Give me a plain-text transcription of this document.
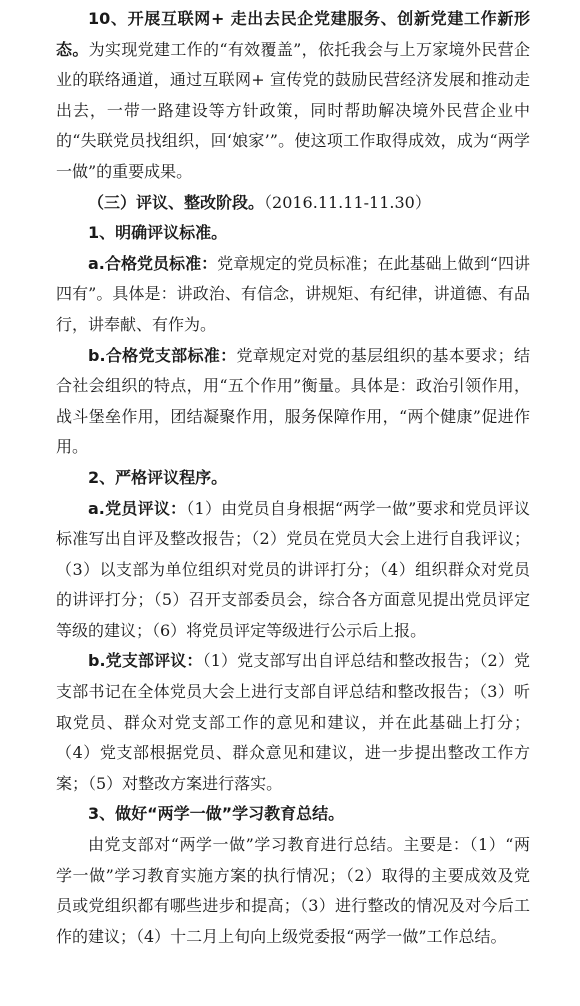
10、开展互联网+ 走出去民企党建服务、创新党建工作新形态。为实现党建工作的“有效覆盖”，依托我会与上万家境外民营企业的联络通道，通过互联网+ 宣传党的鼓励民营经济发展和推动走出去，一带一路建设等方针政策，同时帮助解决境外民营企业中的“失联党员找组织，回‘娘家’”。使这项工作取得成效，成为“两学一做”的重要成果。

（三）评议、整改阶段。（2016.11.11-11.30）

1、明确评议标准。

a.合格党员标准：党章规定的党员标准；在此基础上做到“四讲四有”。具体是：讲政治、有信念，讲规矩、有纪律，讲道德、有品行，讲奉献、有作为。

b.合格党支部标准：党章规定对党的基层组织的基本要求；结合社会组织的特点，用“五个作用”衡量。具体是：政治引领作用，战斗堡垒作用，团结凝聚作用，服务保障作用，“两个健康”促进作用。

2、严格评议程序。

a.党员评议：（1）由党员自身根据“两学一做”要求和党员评议标准写出自评及整改报告；（2）党员在党员大会上进行自我评议；（3）以支部为单位组织对党员的讲评打分；（4）组织群众对党员的讲评打分；（5）召开支部委员会，综合各方面意见提出党员评定等级的建议；（6）将党员评定等级进行公示后上报。

b.党支部评议：（1）党支部写出自评总结和整改报告；（2）党支部书记在全体党员大会上进行支部自评总结和整改报告；（3）听取党员、群众对党支部工作的意见和建议，并在此基础上打分；（4）党支部根据党员、群众意见和建议，进一步提出整改工作方案；（5）对整改方案进行落实。

3、做好“两学一做”学习教育总结。

由党支部对“两学一做”学习教育进行总结。主要是：（1）“两学一做”学习教育实施方案的执行情况；（2）取得的主要成效及党员或党组织都有哪些进步和提高；（3）进行整改的情况及对今后工作的建议；（4）十二月上旬向上级党委报“两学一做”工作总结。
